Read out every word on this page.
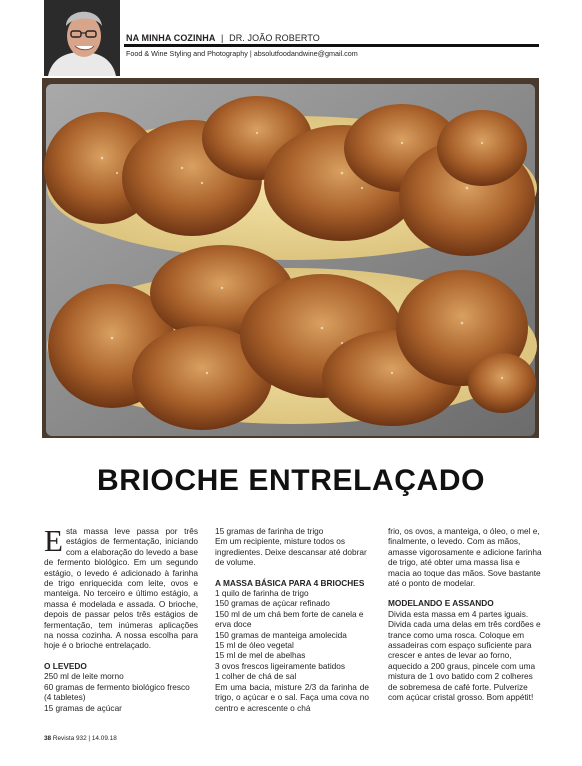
NA MINHA COZINHA | DR. JOÃO ROBERTO
Food & Wine Styling and Photography | absolutfoodandwine@gmail.com
BRIOCHE ENTRELAÇADO

Esta massa leve passa por três estágios de fermentação, iniciando com a elaboração do levedo a base de fermento biológico. Em um segundo estágio, o levedo é adicionado à farinha de trigo enriquecida com leite, ovos e manteiga. No terceiro e último estágio, a massa é modelada e assada. O brioche, depois de passar pelos três estágios de fermentação, tem inúmeras aplicações na nossa cozinha. A nossa escolha para hoje é o brioche entrelaçado.

O LEVEDO

250 ml de leite morno

60 gramas de fermento biológico fresco (4 tabletes)

15 gramas de açúcar

15 gramas de farinha de trigo

Em um recipiente, misture todos os ingredientes. Deixe descansar até dobrar de volume.

A MASSA BÁSICA PARA 4 BRIOCHES

1 quilo de farinha de trigo

150 gramas de açúcar refinado

150 ml de um chá bem forte de canela e erva doce

150 gramas de manteiga amolecida

15 ml de óleo vegetal

15 ml de mel de abelhas

3 ovos frescos ligeiramente batidos

1 colher de chá de sal

Em uma bacia, misture 2/3 da farinha de trigo, o açúcar e o sal. Faça uma cova no centro e acrescente o chá

frio, os ovos, a manteiga, o óleo, o mel e, finalmente, o levedo. Com as mãos, amasse vigorosamente e adicione farinha de trigo, até obter uma massa lisa e macia ao toque das mãos. Sove bastante até o ponto de modelar.

MODELANDO E ASSANDO

Divida esta massa em 4 partes iguais. Divida cada uma delas em três cordões e trance como uma rosca. Coloque em assadeiras com espaço suficiente para crescer e antes de levar ao forno, aquecido a 200 graus, pincele com uma mistura de 1 ovo batido com 2 colheres de sobremesa de café forte. Pulverize com açúcar cristal grosso. Bom appétit!

38 Revista 932 | 14.09.18
